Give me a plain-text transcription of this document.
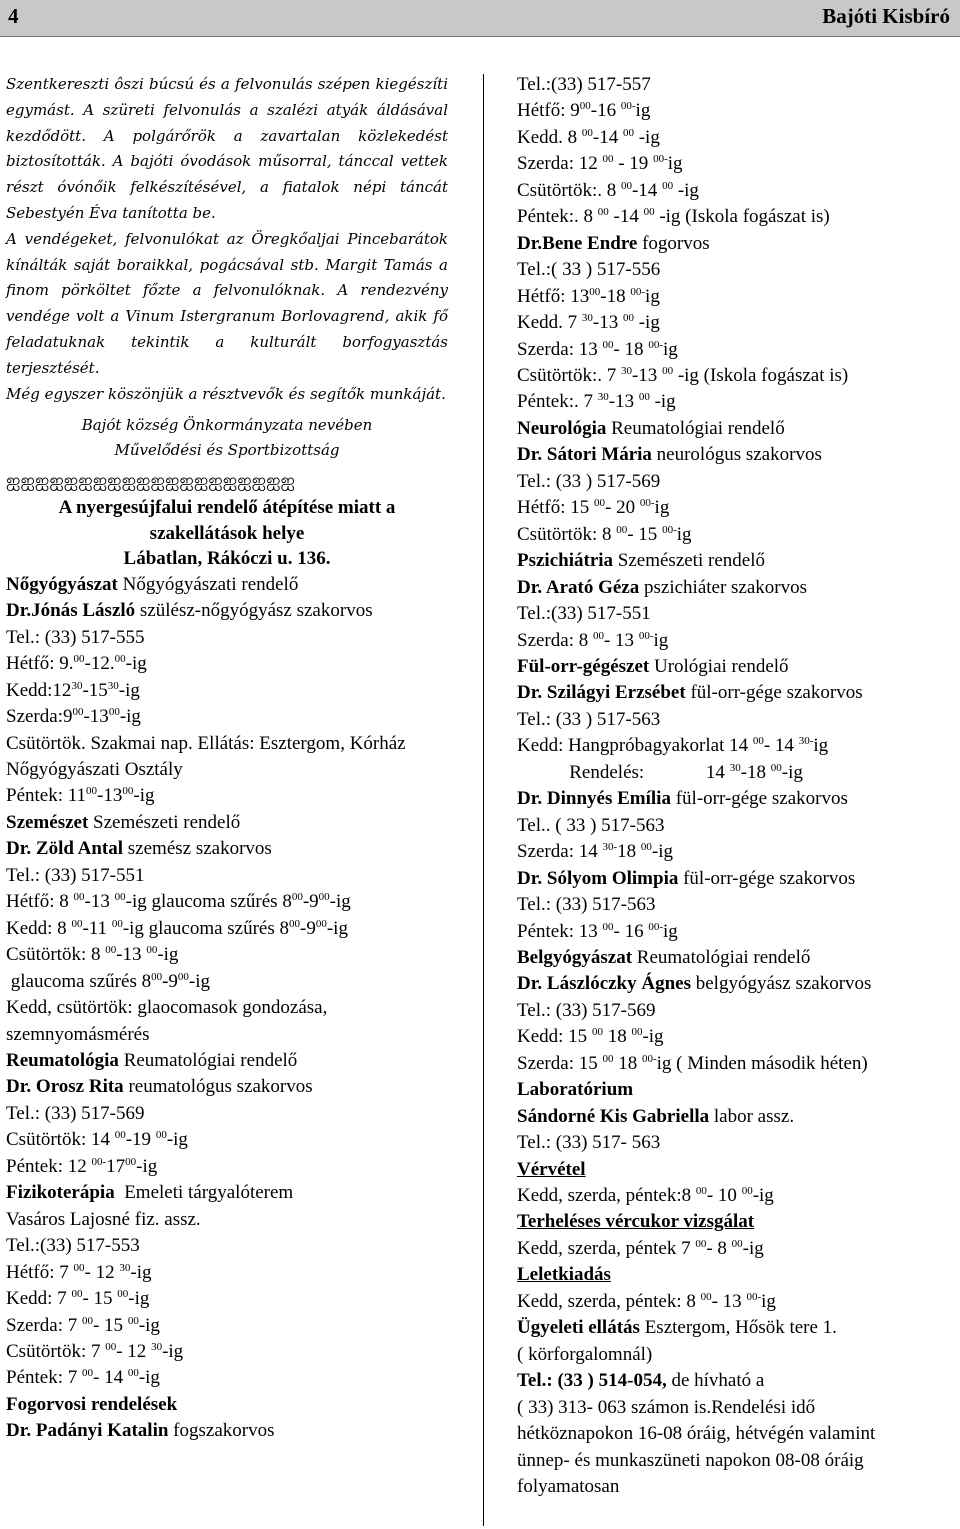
4	Bajóti Kisbíró

Szentkereszti ôszi búcsú és a felvonulás szépen kiegészíti egymást. A szüreti felvonulás a szalézi atyák áldásával kezdődött. A polgárőrök a zavartalan közlekedést biztosították. A bajóti óvodások műsorral, tánccal vettek részt óvónőik felkészítésével, a fiatalok népi táncát Sebestyén Éva tanította be.

A vendégeket, felvonulókat az Öregkőaljai Pincebarátok kínálták saját boraikkal, pogácsával stb. Margit Tamás a finom pörköltet főzte a felvonulóknak. A rendezvény vendége volt a Vinum Istergranum Borlovagrend, akik fő feladatuknak tekintik a kulturált borfogyasztás terjesztését.

Még egyszer köszönjük a résztvevők és segítők munkáját.

Bajót község Önkormányzata nevében

Művelődési és Sportbizottság

ஐஐஐஐஐஐஐஐஐஐஐஐஐஐஐஐஐஐஐஐ

A nyergesújfalui rendelő átépítése miatt a

szakellátások helye

Lábatlan, Rákóczi u. 136.

Nőgyógyászat Nőgyógyászati rendelő

Dr.Jónás László szülész-nőgyógyász szakorvos

Tel.: (33) 517-555

Hétfő: 9.00-12.00-ig

$Kedd:12^{30}-15^{30}-ig$

$Szerda:9^{00}-13^{00}-ig$

Csütörtök. Szakmai nap. Ellátás: Esztergom, Kórház Nőgyógyászati Osztály

Péntek: $11^{00}-13^{00}-ig$

Szemészet Szemészeti rendelő

Dr. Zöld Antal szemész szakorvos

Tel.: (33) 517-551

Hétfő: 8 $^{00}$-13 $^{00}$-ig glaucoma szűrés $8^{00}-9^{00}-ig$

Kedd: 8 $^{00}$-11 $^{00}$-ig glaucoma szűrés $8^{00}-9^{00}-ig$

Csütörtök: 8 $^{00}$-13 $^{00}$-ig

glaucoma szűrés $8^{00}-9^{00}-ig$

Kedd, csütörtök: glaocomasok gondozása, szemnyomásmérés

Reumatológia Reumatológiai rendelő

Dr. Orosz Rita reumatológus szakorvos

Tel.: (33) 517-569

Csütörtök: 14 $^{00}$-19 $^{00}$-ig

Péntek: 12 $^{00-}17^{00}-ig$

Fizikoterápia  Emeleti tárgyalóterem

Vasáros Lajosné fiz. assz.

Tel.:(33) 517-553

Hétfő: 7 $^{00}$- 12 $^{30}$-ig

Kedd: 7 $^{00}$- 15 $^{00}$-ig

Szerda: 7 $^{00}$- 15 $^{00}$-ig

Csütörtök: 7 $^{00}$- 12 $^{30}$-ig

Péntek: 7 $^{00}$- 14 $^{00}$-ig

Fogorvosi rendelések

Dr. Padányi Katalin fogszakorvos

Tel.:(33) 517-557

Hétfő: $9^{00}-16$ $^{00-}$ig

Kedd. 8 $^{00}$-14 $^{00}$ -ig

Szerda: 12 $^{00}$ - 19 $^{00-}$ig

Csütörtök:. 8 $^{00}$-14 $^{00}$ -ig

Péntek:. 8 $^{00}$ -14 $^{00}$ -ig (Iskola fogászat is)

Dr.Bene Endre fogorvos

Tel.:( 33 ) 517-556

Hétfő: $13^{00}-18$ $^{00-}$ig

Kedd. 7 $^{30}$-13 $^{00}$ -ig

Szerda: 13 $^{00}$- 18 $^{00-}$ig

Csütörtök:. 7 $^{30}$-13 $^{00}$ -ig (Iskola fogászat is)

Péntek:. 7 $^{30}$-13 $^{00}$ -ig

Neurológia Reumatológiai rendelő

Dr. Sátori Mária neurológus szakorvos

Tel.: (33 ) 517-569

Hétfő: 15 $^{00}$- 20 $^{00-}$ig

Csütörtök: 8 $^{00}$- 15 $^{00-}$ig

Pszichiátria Szemészeti rendelő

Dr. Arató Géza pszichiáter szakorvos

Tel.:(33) 517-551

Szerda: 8 $^{00}$- 13 $^{00-}$ig

Fül-orr-gégészet Urológiai rendelő

Dr. Szilágyi Erzsébet fül-orr-gége szakorvos

Tel.: (33 ) 517-563

Kedd: Hangpróbagyakorlat 14 $^{00}$- 14 $^{30-}$ig

Rendelés:             14 $^{30}$-18 $^{00}$-ig

Dr. Dinnyés Emília fül-orr-gége szakorvos

Tel.. ( 33 ) 517-563

Szerda: 14 $^{30-}$18 $^{00}$-ig

Dr. Sólyom Olimpia fül-orr-gége szakorvos

Tel.: (33) 517-563

Péntek: 13 $^{00}$- 16 $^{00-}$ig

Belgyógyászat Reumatológiai rendelő

Dr. Lászlóczky Ágnes belgyógyász szakorvos

Tel.: (33) 517-569

Kedd: 15 $^{00}$ 18 $^{00}$-ig

Szerda: 15 $^{00}$ 18 $^{00-}$ig ( Minden második héten)

Laboratórium

Sándorné Kis Gabriella labor assz.

Tel.: (33) 517- 563

Vérvétel

Kedd, szerda, péntek:8 $^{00}$- 10 $^{00}$-ig

Terheléses vércukor vizsgálat

Kedd, szerda, péntek 7 $^{00}$- 8 $^{00}$-ig

Leletkiadás

Kedd, szerda, péntek: 8 $^{00}$- 13 $^{00-}$ig

Ügyeleti ellátás Esztergom, Hősök tere 1.

( körforgalomnál)

Tel.: (33 ) 514-054, de hívható a

( 33) 313- 063 számon is.Rendelési idő

hétköznapokon 16-08 óráig, hétvégén valamint

ünnep- és munkaszüneti napokon 08-08 óráig

folyamatosan
